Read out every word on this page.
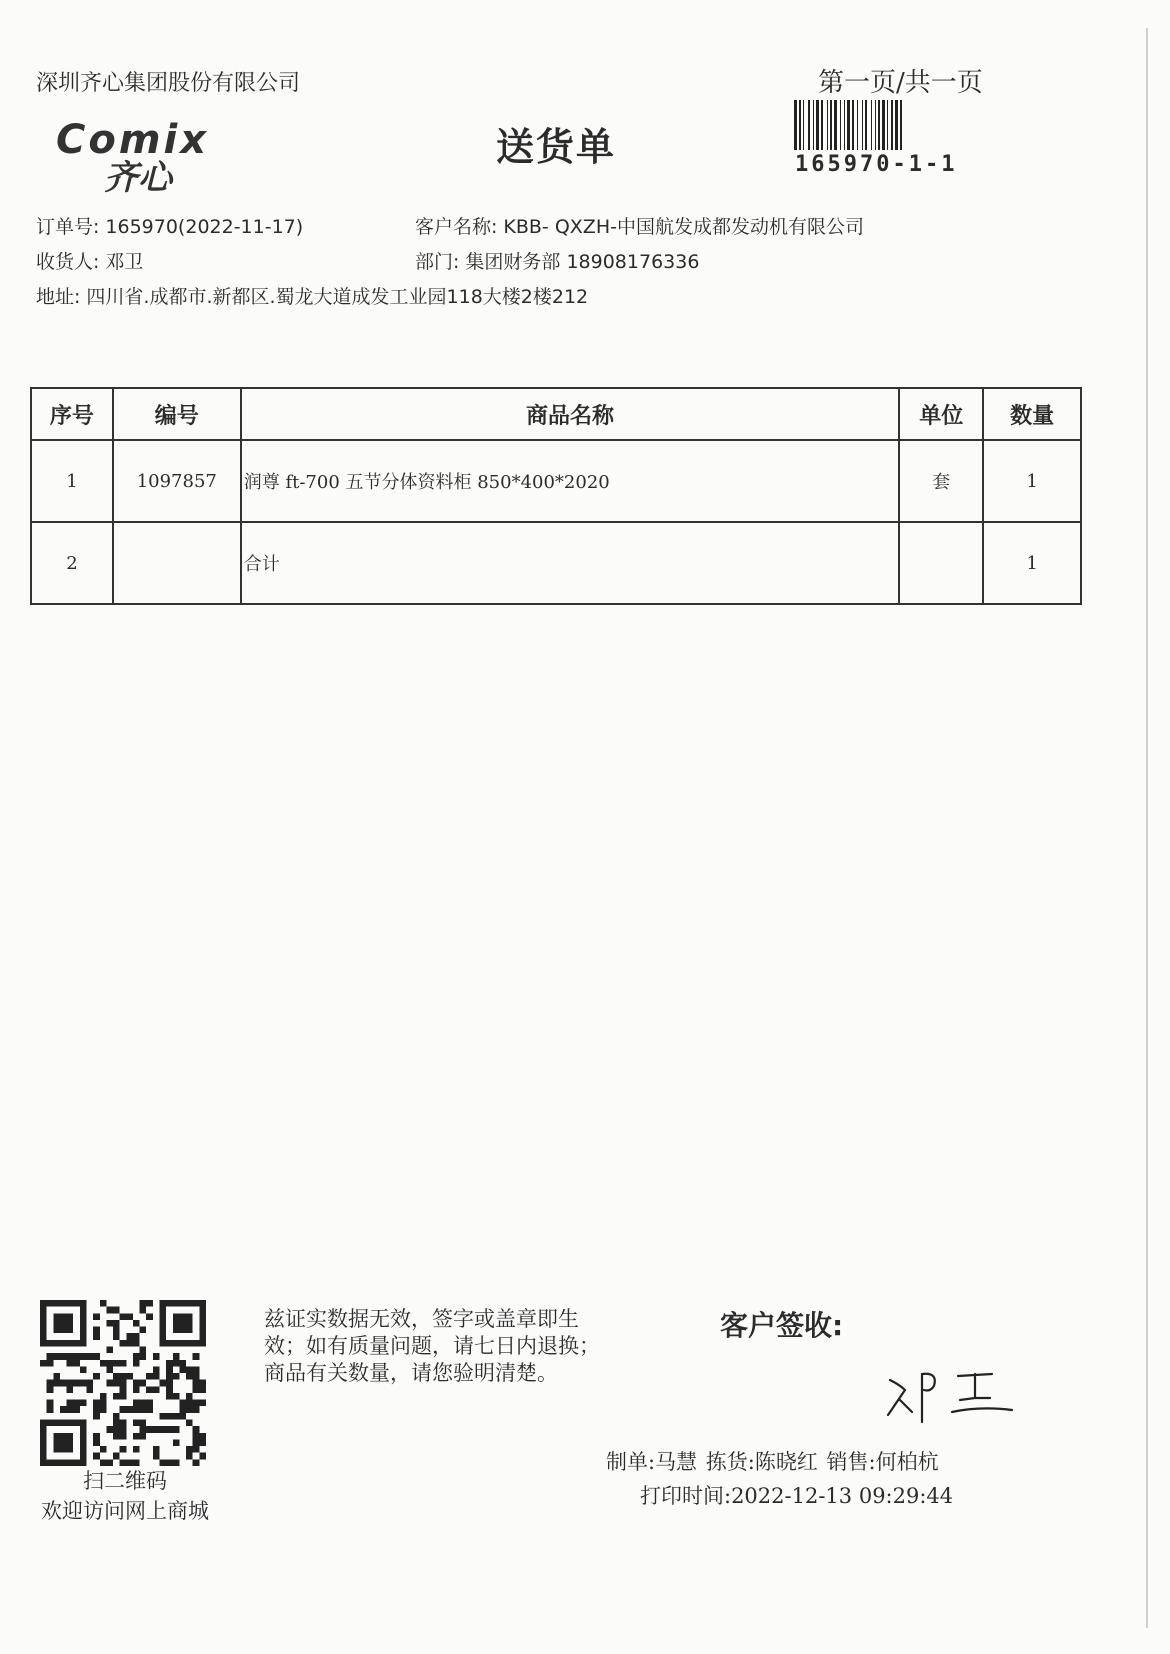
深圳齐心集团股份有限公司	第一页/共一页
Comix
齐心
送货单	165970-1-1
订单号: 165970(2022-11-17)	客户名称: KBB- QXZH-中国航发成都发动机有限公司
收货人: 邓卫	部门: 集团财务部 18908176336
地址: 四川省.成都市.新都区.蜀龙大道成发工业园118大楼2楼212
序号	编号	商品名称	单位	数量
1	1097857	润尊 ft-700 五节分体资料柜 850*400*2020	套	1
2		合计		1
扫二维码
欢迎访问网上商城
兹证实数据无效，签字或盖章即生
效；如有质量问题，请七日内退换；
商品有关数量，请您验明清楚。
客户签收:
制单:马慧 拣货:陈晓红 销售:何柏杭
打印时间:2022-12-13 09:29:44
